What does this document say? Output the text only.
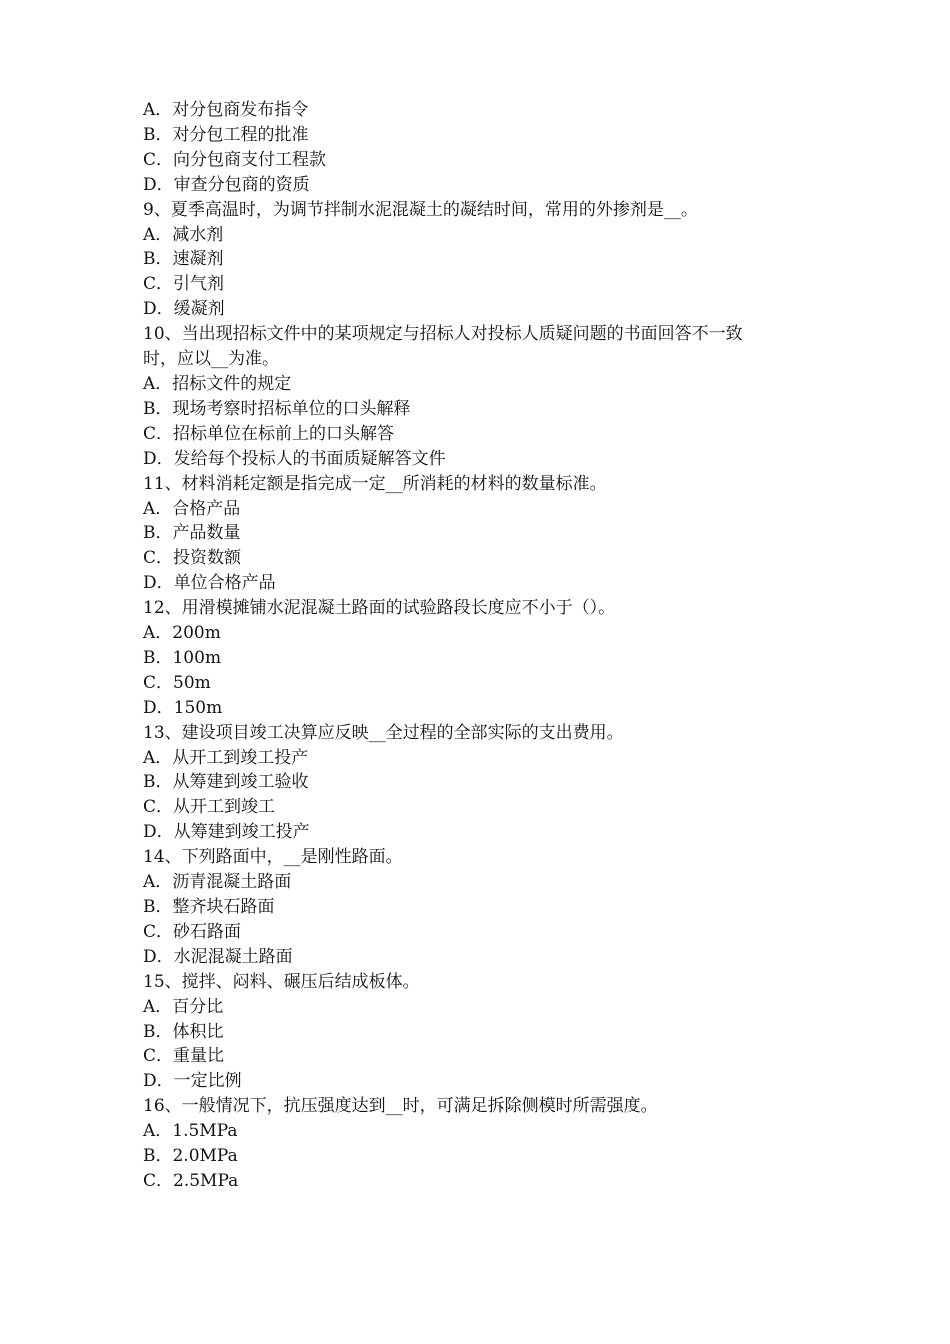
A．对分包商发布指令
B．对分包工程的批准
C．向分包商支付工程款
D．审查分包商的资质
9、夏季高温时，为调节拌制水泥混凝土的凝结时间，常用的外掺剂是__。
A．减水剂
B．速凝剂
C．引气剂
D．缓凝剂
10、当出现招标文件中的某项规定与招标人对投标人质疑问题的书面回答不一致
时，应以__为准。
A．招标文件的规定
B．现场考察时招标单位的口头解释
C．招标单位在标前上的口头解答
D．发给每个投标人的书面质疑解答文件
11、材料消耗定额是指完成一定__所消耗的材料的数量标准。
A．合格产品
B．产品数量
C．投资数额
D．单位合格产品
12、用滑模摊铺水泥混凝土路面的试验路段长度应不小于（）。
A．200m
B．100m
C．50m
D．150m
13、建设项目竣工决算应反映__全过程的全部实际的支出费用。
A．从开工到竣工投产
B．从筹建到竣工验收
C．从开工到竣工
D．从筹建到竣工投产
14、下列路面中，__是刚性路面。
A．沥青混凝土路面
B．整齐块石路面
C．砂石路面
D．水泥混凝土路面
15、搅拌、闷料、碾压后结成板体。
A．百分比
B．体积比
C．重量比
D．一定比例
16、一般情况下，抗压强度达到__时，可满足拆除侧模时所需强度。
A．1.5MPa
B．2.0MPa
C．2.5MPa
